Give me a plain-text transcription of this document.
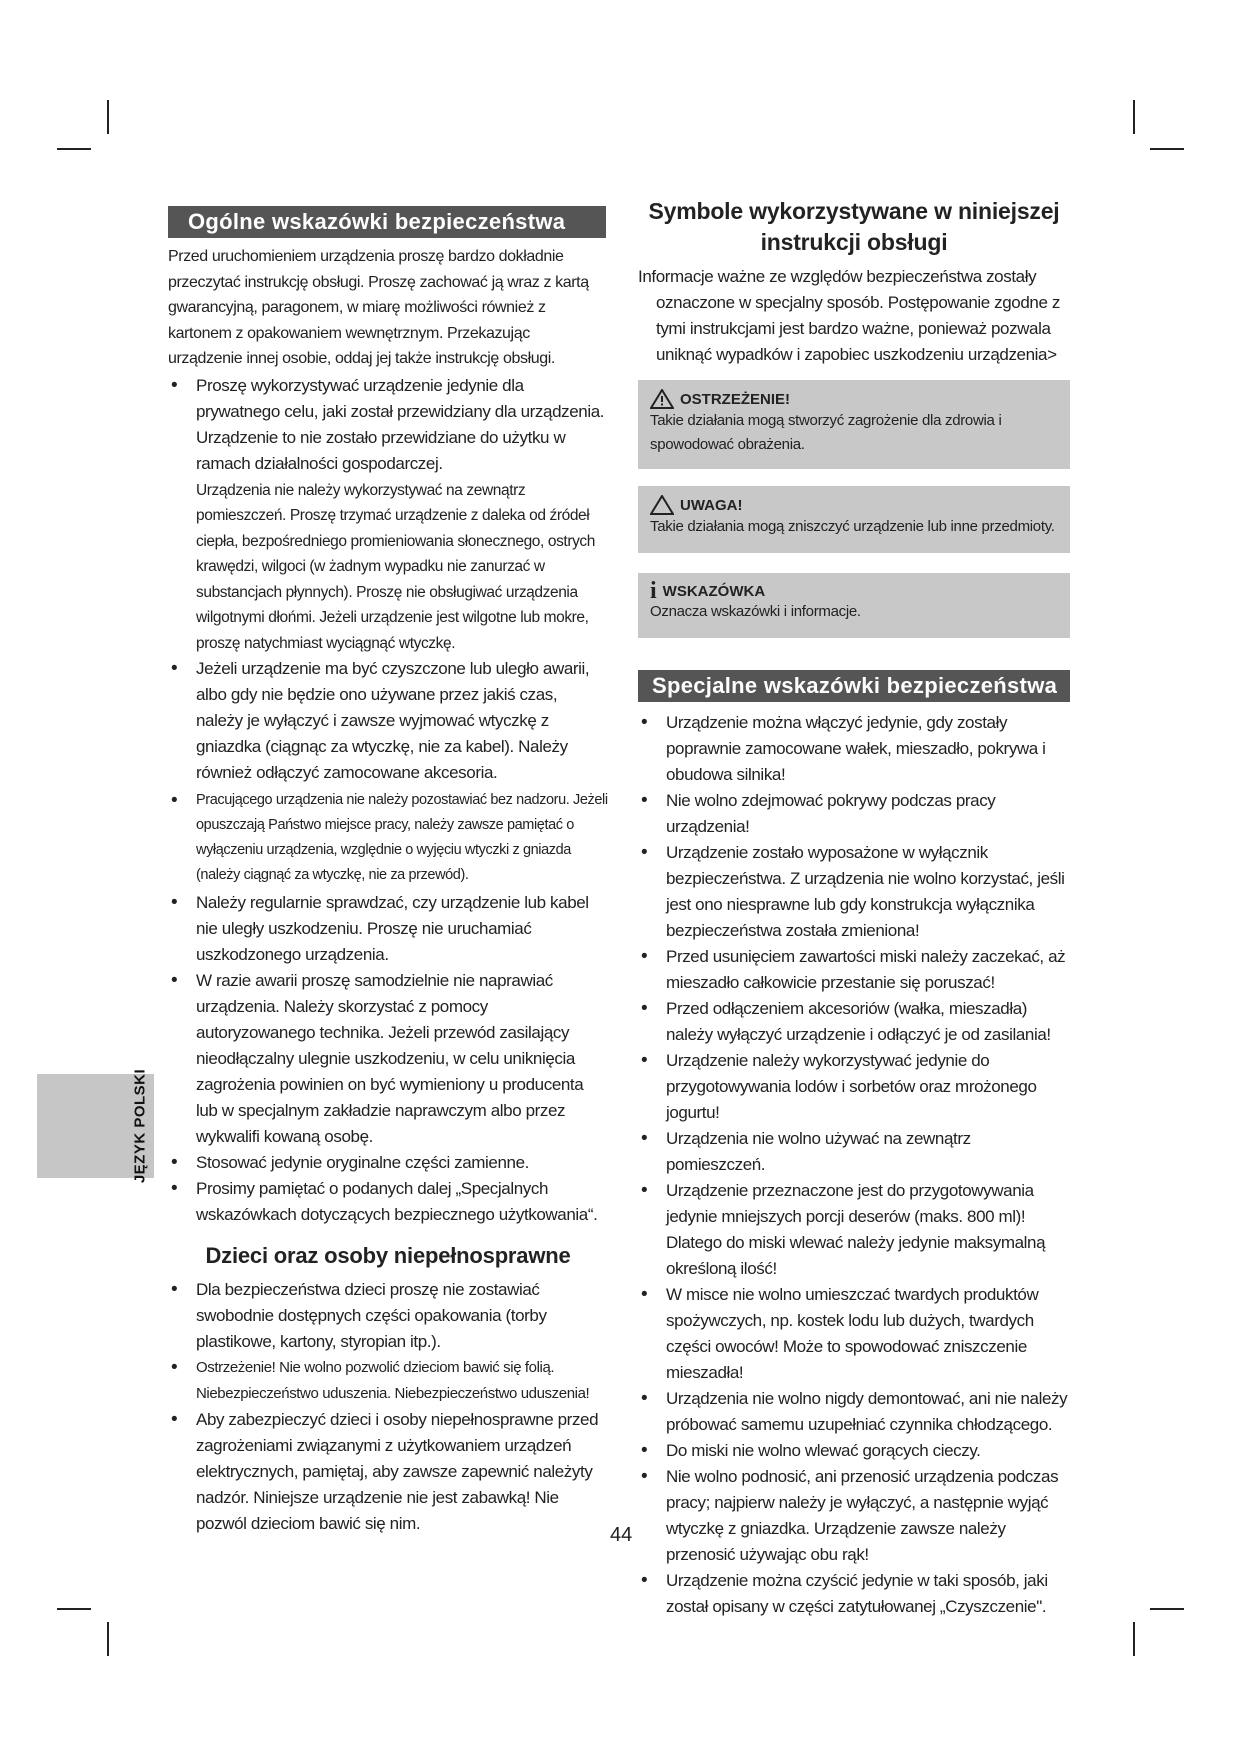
JĘZYK POLSKI
Ogólne wskazówki bezpieczeństwa
Przed uruchomieniem urządzenia proszę bardzo dokładnie przeczytać instrukcję obsługi. Proszę zachować ją wraz z kartą gwarancyjną, paragonem, w miarę możliwości również z kartonem z opakowaniem wewnętrznym. Przekazując urządzenie innej osobie, oddaj jej także instrukcję obsługi.
• Proszę wykorzystywać urządzenie jedynie dla prywatnego celu, jaki został przewidziany dla urządzenia. Urządzenie to nie zostało przewidziane do użytku w ramach działalności gospodarczej.
Urządzenia nie należy wykorzystywać na zewnątrz pomieszczeń. Proszę trzymać urządzenie z daleka od źródeł ciepła, bezpośredniego promieniowania słonecznego, ostrych krawędzi, wilgoci (w żadnym wypadku nie zanurzać w substancjach płynnych). Proszę nie obsługiwać urządzenia wilgotnymi dłońmi. Jeżeli urządzenie jest wilgotne lub mokre, proszę natychmiast wyciągnąć wtyczkę.
• Jeżeli urządzenie ma być czyszczone lub uległo awarii, albo gdy nie będzie ono używane przez jakiś czas, należy je wyłączyć i zawsze wyjmować wtyczkę z gniazdka (ciągnąc za wtyczkę, nie za kabel). Należy również odłączyć zamocowane akcesoria.
• Pracującego urządzenia nie należy pozostawiać bez nadzoru. Jeżeli opuszczają Państwo miejsce pracy, należy zawsze pamiętać o wyłączeniu urządzenia, względnie o wyjęciu wtyczki z gniazda (należy ciągnąć za wtyczkę, nie za przewód).
• Należy regularnie sprawdzać, czy urządzenie lub kabel nie uległy uszkodzeniu. Proszę nie uruchamiać uszkodzonego urządzenia.
• W razie awarii proszę samodzielnie nie naprawiać urządzenia. Należy skorzystać z pomocy autoryzowanego technika. Jeżeli przewód zasilający nieodłączalny ulegnie uszkodzeniu, w celu uniknięcia zagrożenia powinien on być wymieniony u producenta lub w specjalnym zakładzie naprawczym albo przez wykwalifi kowaną osobę.
• Stosować jedynie oryginalne części zamienne.
• Prosimy pamiętać o podanych dalej „Specjalnych wskazówkach dotyczących bezpiecznego użytkowania“.
Dzieci oraz osoby niepełnosprawne
• Dla bezpieczeństwa dzieci proszę nie zostawiać swobodnie dostępnych części opakowania (torby plastikowe, kartony, styropian itp.).
• Ostrzeżenie! Nie wolno pozwolić dzieciom bawić się folią. Niebezpieczeństwo uduszenia. Niebezpieczeństwo uduszenia!
• Aby zabezpieczyć dzieci i osoby niepełnosprawne przed zagrożeniami związanymi z użytkowaniem urządzeń elektrycznych, pamiętaj, aby zawsze zapewnić należyty nadzór. Niniejsze urządzenie nie jest zabawką! Nie pozwól dzieciom bawić się nim.
Symbole wykorzystywane w niniejszej instrukcji obsługi
Informacje ważne ze względów bezpieczeństwa zostały
oznaczone w specjalny sposób. Postępowanie zgodne z tymi instrukcjami jest bardzo ważne, ponieważ pozwala uniknąć wypadków i zapobiec uszkodzeniu urządzenia>
OSTRZEŻENIE!
Takie działania mogą stworzyć zagrożenie dla zdrowia i spowodować obrażenia.
UWAGA!
Takie działania mogą zniszczyć urządzenie lub inne przedmioty.
i WSKAZÓWKA
Oznacza wskazówki i informacje.
Specjalne wskazówki bezpieczeństwa
• Urządzenie można włączyć jedynie, gdy zostały poprawnie zamocowane wałek, mieszadło, pokrywa i obudowa silnika!
• Nie wolno zdejmować pokrywy podczas pracy urządzenia!
• Urządzenie zostało wyposażone w wyłącznik bezpieczeństwa. Z urządzenia nie wolno korzystać, jeśli jest ono niesprawne lub gdy konstrukcja wyłącznika bezpieczeństwa została zmieniona!
• Przed usunięciem zawartości miski należy zaczekać, aż mieszadło całkowicie przestanie się poruszać!
• Przed odłączeniem akcesoriów (wałka, mieszadła) należy wyłączyć urządzenie i odłączyć je od zasilania!
• Urządzenie należy wykorzystywać jedynie do przygotowywania lodów i sorbetów oraz mrożonego jogurtu!
• Urządzenia nie wolno używać na zewnątrz pomieszczeń.
• Urządzenie przeznaczone jest do przygotowywania jedynie mniejszych porcji deserów (maks. 800 ml)! Dlatego do miski wlewać należy jedynie maksymalną określoną ilość!
• W misce nie wolno umieszczać twardych produktów spożywczych, np. kostek lodu lub dużych, twardych części owoców! Może to spowodować zniszczenie mieszadła!
• Urządzenia nie wolno nigdy demontować, ani nie należy próbować samemu uzupełniać czynnika chłodzącego.
• Do miski nie wolno wlewać gorących cieczy.
• Nie wolno podnosić, ani przenosić urządzenia podczas pracy; najpierw należy je wyłączyć, a następnie wyjąć wtyczkę z gniazdka. Urządzenie zawsze należy przenosić używając obu rąk!
• Urządzenie można czyścić jedynie w taki sposób, jaki został opisany w części zatytułowanej „Czyszczenie".
44
